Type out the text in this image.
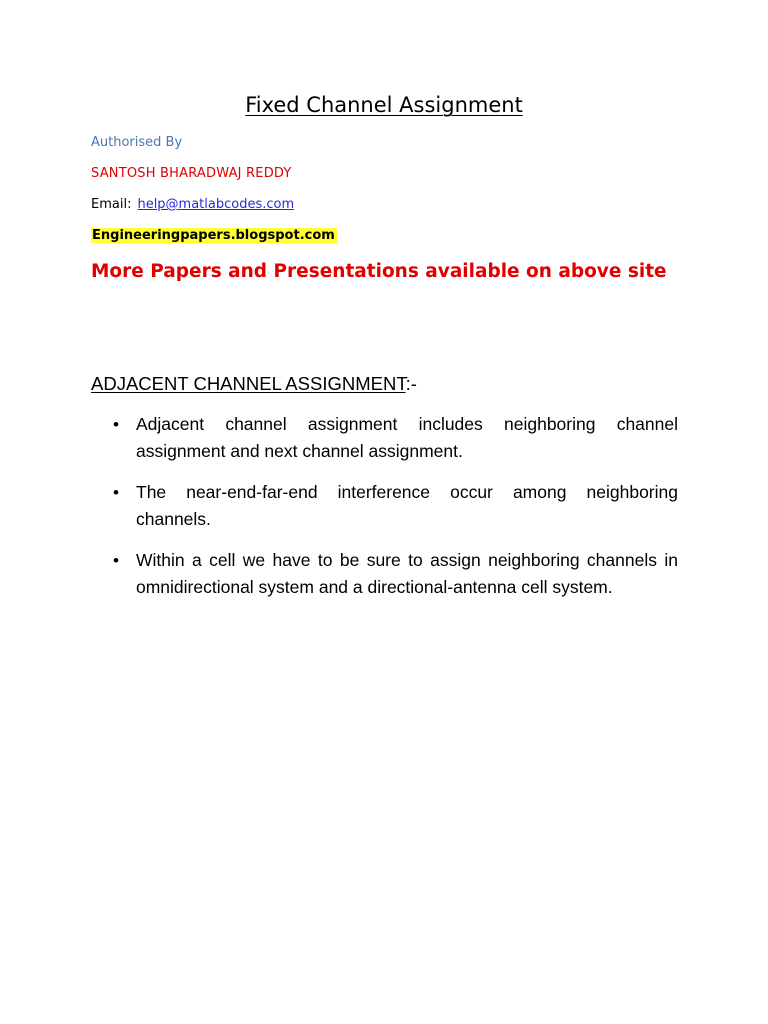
Fixed Channel Assignment
Authorised By
SANTOSH BHARADWAJ REDDY
Email: help@matlabcodes.com
Engineeringpapers.blogspot.com
More Papers and Presentations available on above site
ADJACENT CHANNEL ASSIGNMENT:-
• Adjacent channel assignment includes neighboring channel assignment and next channel assignment.
• The near-end-far-end interference occur among neighboring channels.
• Within a cell we have to be sure to assign neighboring channels in omnidirectional system and a directional-antenna cell system.
